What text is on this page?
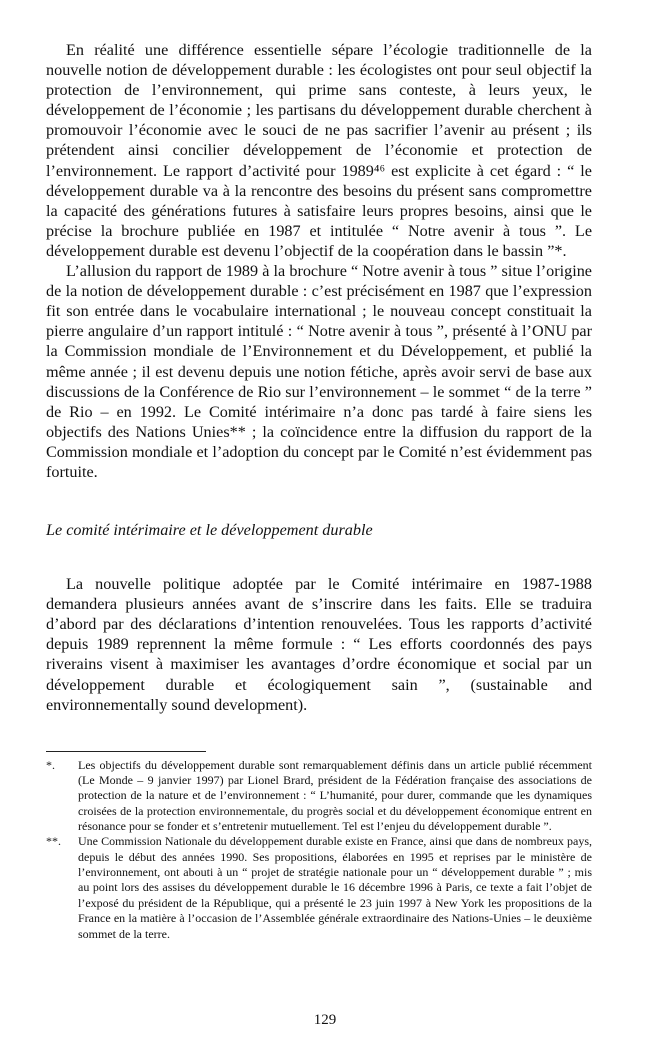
En réalité une différence essentielle sépare l’écologie traditionnelle de la nouvelle notion de développement durable : les écologistes ont pour seul objectif la protection de l’environnement, qui prime sans conteste, à leurs yeux, le développement de l’économie ; les partisans du développement durable cherchent à promouvoir l’économie avec le souci de ne pas sacrifier l’avenir au présent ; ils prétendent ainsi concilier développement de l’économie et protection de l’environnement. Le rapport d’activité pour 1989⁴⁶ est explicite à cet égard : “ le développement durable va à la rencontre des besoins du présent sans compromettre la capacité des générations futures à satisfaire leurs propres besoins, ainsi que le précise la brochure publiée en 1987 et intitulée “ Notre avenir à tous ”. Le développement durable est devenu l’objectif de la coopération dans le bassin ”*.

L’allusion du rapport de 1989 à la brochure “ Notre avenir à tous ” situe l’origine de la notion de développement durable : c’est précisément en 1987 que l’expression fit son entrée dans le vocabulaire international ; le nouveau concept constituait la pierre angulaire d’un rapport intitulé : “ Notre avenir à tous ”, présenté à l’ONU par la Commission mondiale de l’Environnement et du Développement, et publié la même année ; il est devenu depuis une notion fétiche, après avoir servi de base aux discussions de la Conférence de Rio sur l’environnement – le sommet “ de la terre ” de Rio – en 1992. Le Comité intérimaire n’a donc pas tardé à faire siens les objectifs des Nations Unies** ; la coïncidence entre la diffusion du rapport de la Commission mondiale et l’adoption du concept par le Comité n’est évidemment pas fortuite.

Le comité intérimaire et le développement durable

La nouvelle politique adoptée par le Comité intérimaire en 1987-1988 demandera plusieurs années avant de s’inscrire dans les faits. Elle se traduira d’abord par des déclarations d’intention renouvelées. Tous les rapports d’activité depuis 1989 reprennent la même formule : “ Les efforts coordonnés des pays riverains visent à maximiser les avantages d’ordre économique et social par un développement durable et écologiquement sain ”, (sustainable and environnementally sound development).

*.	Les objectifs du développement durable sont remarquablement définis dans un article publié récemment (Le Monde – 9 janvier 1997) par Lionel Brard, président de la Fédération française des associations de protection de la nature et de l’environnement : “ L’humanité, pour durer, commande que les dynamiques croisées de la protection environnementale, du progrès social et du développement économique entrent en résonance pour se fonder et s’entretenir mutuellement. Tel est l’enjeu du développement durable ”.
**.	Une Commission Nationale du développement durable existe en France, ainsi que dans de nombreux pays, depuis le début des années 1990. Ses propositions, élaborées en 1995 et reprises par le ministère de l’environnement, ont abouti à un “ projet de stratégie nationale pour un “ développement durable ” ; mis au point lors des assises du développement durable le 16 décembre 1996 à Paris, ce texte a fait l’objet de l’exposé du président de la République, qui a présenté le 23 juin 1997 à New York les propositions de la France en la matière à l’occasion de l’Assemblée générale extraordinaire des Nations-Unies – le deuxième sommet de la terre.
129
